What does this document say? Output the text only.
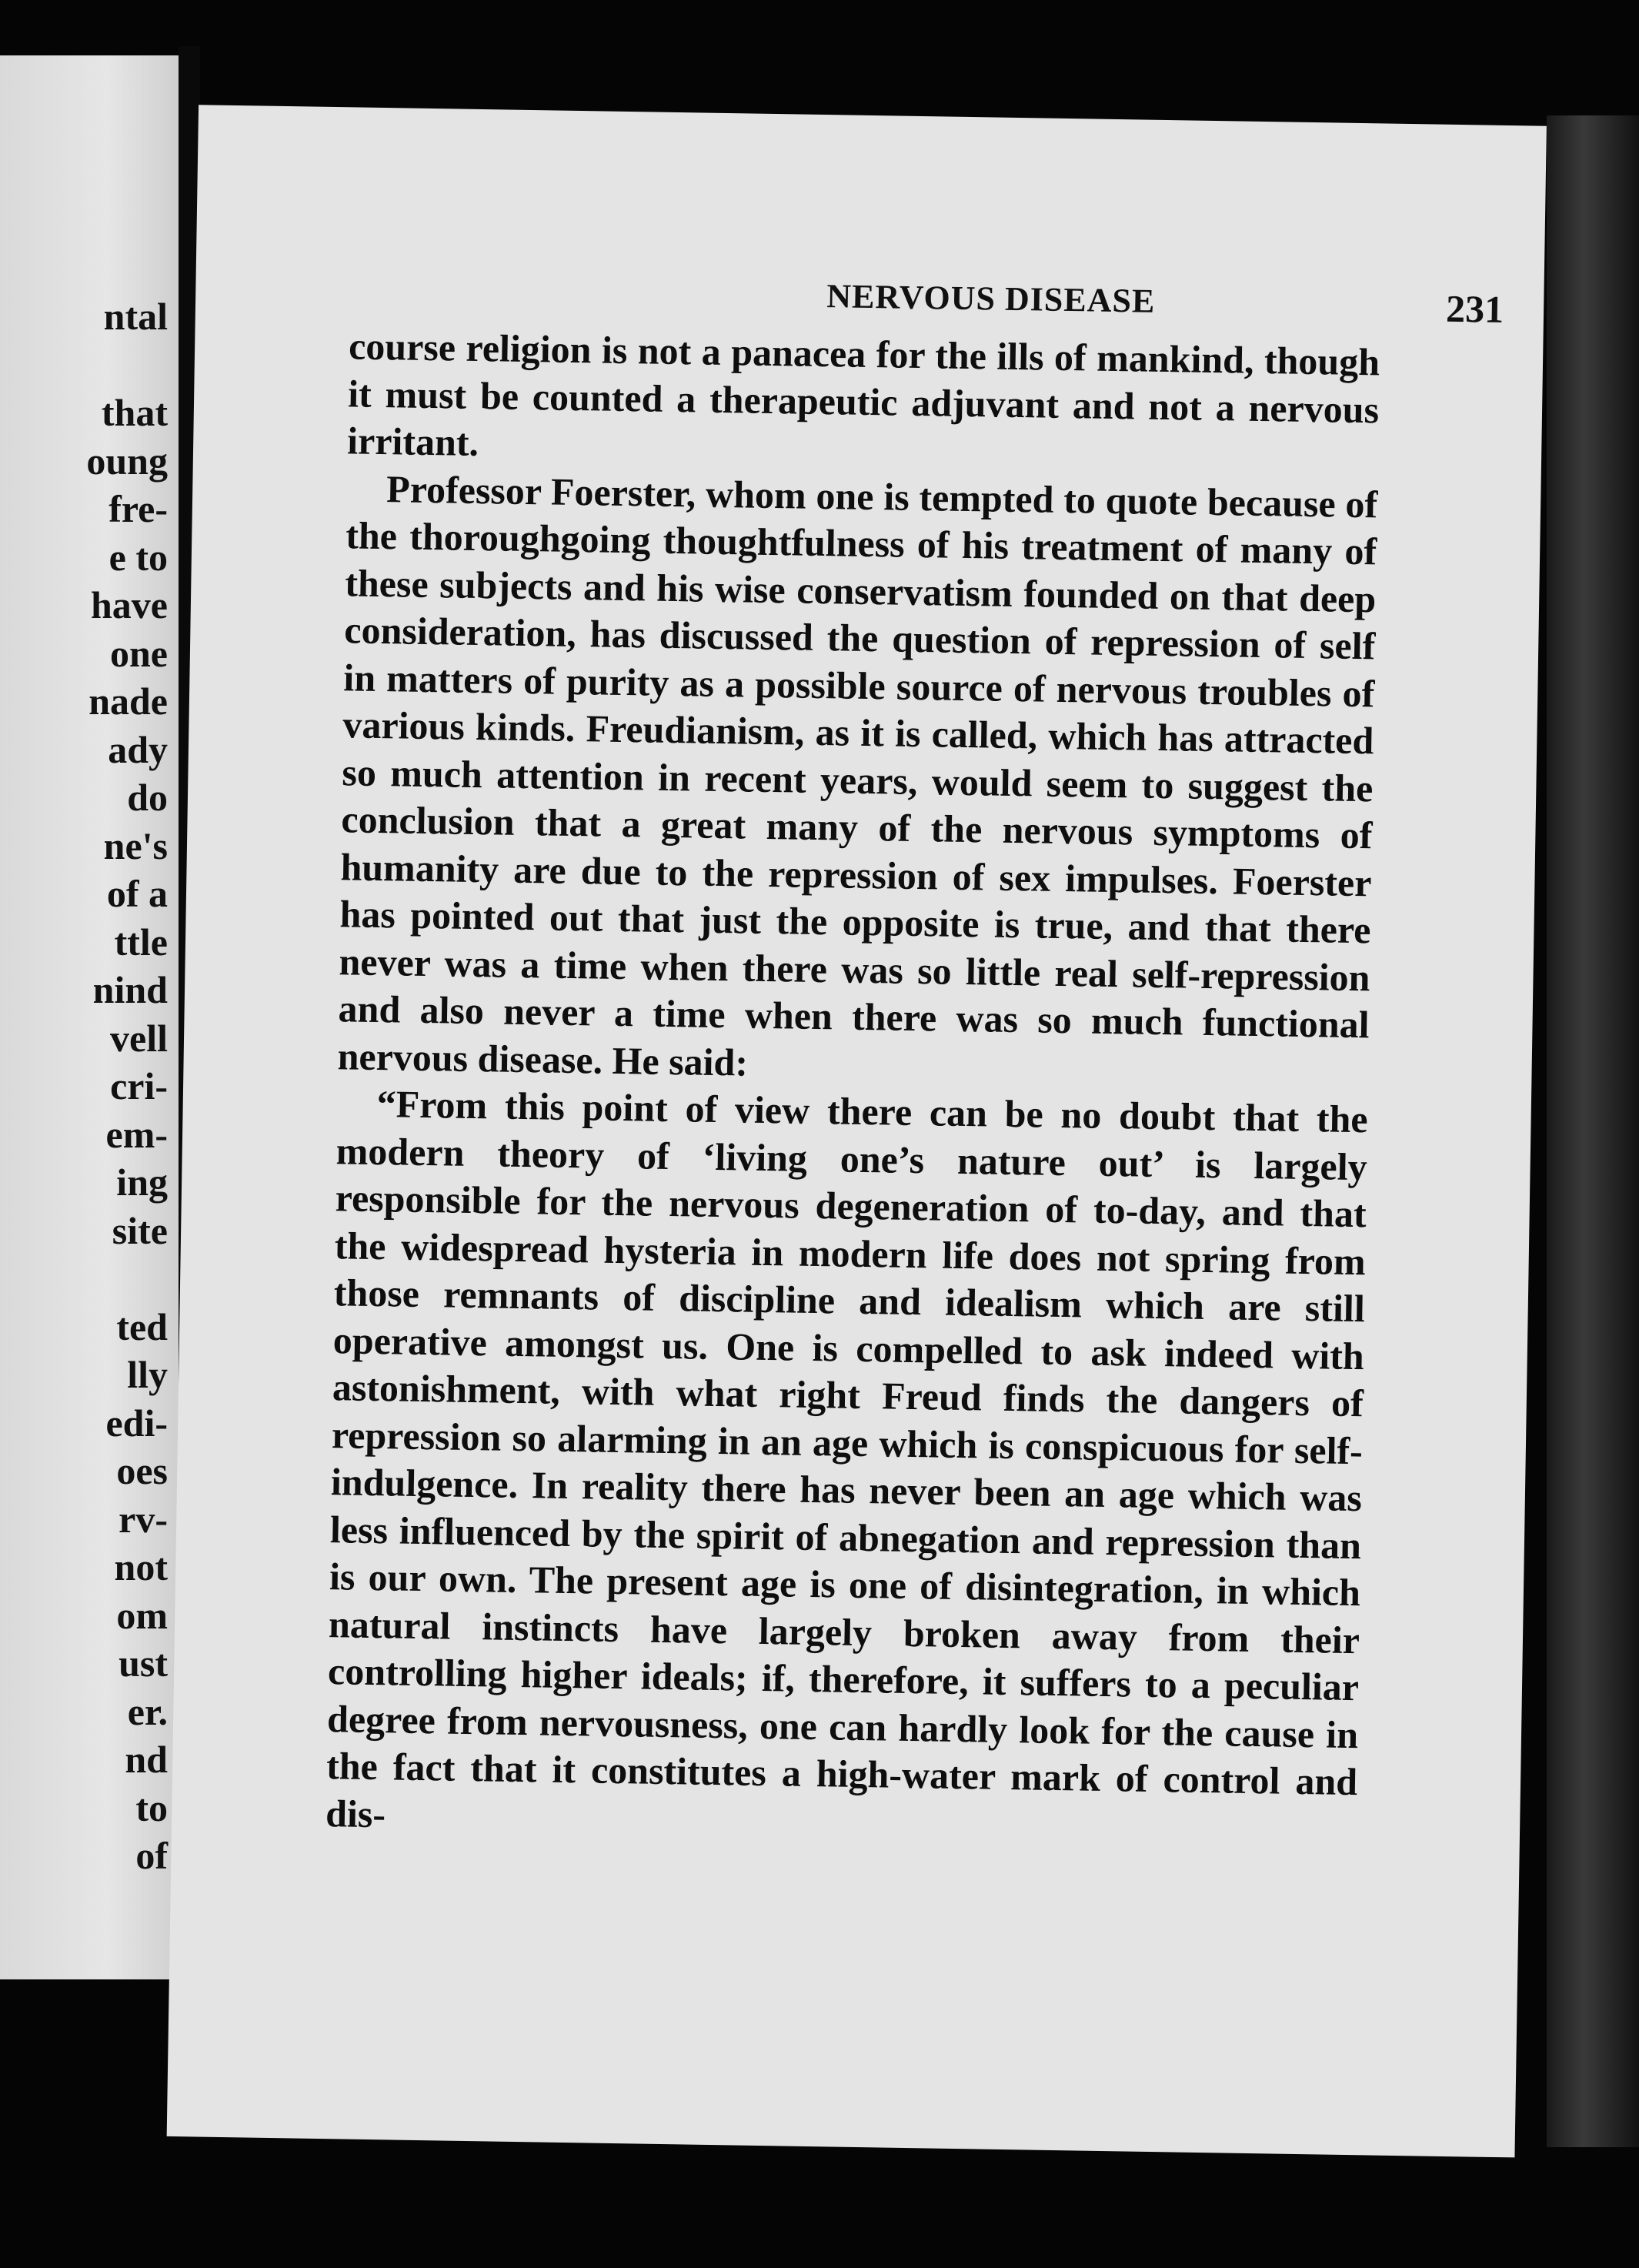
ntal
that
oung
fre-
e to
have
one
nade
ady
do
ne's
of a
ttle
nind
vell
cri-
em-
ing
site
ted
lly
edi-
oes
rv-
not
om
ust
er.
nd
to
of
NERVOUS DISEASE	231

course religion is not a panacea for the ills of mankind, though it must be counted a therapeutic adjuvant and not a nervous irritant.

Professor Foerster, whom one is tempted to quote because of the thoroughgoing thoughtfulness of his treatment of many of these subjects and his wise conservatism founded on that deep consideration, has discussed the question of repression of self in matters of purity as a possible source of nervous troubles of various kinds. Freudianism, as it is called, which has attracted so much attention in recent years, would seem to suggest the conclusion that a great many of the nervous symptoms of humanity are due to the repression of sex impulses. Foerster has pointed out that just the opposite is true, and that there never was a time when there was so little real self-repression and also never a time when there was so much functional nervous disease. He said:

“From this point of view there can be no doubt that the modern theory of ‘living one’s nature out’ is largely responsible for the nervous degeneration of to-day, and that the widespread hysteria in modern life does not spring from those remnants of discipline and idealism which are still operative amongst us. One is compelled to ask indeed with astonishment, with what right Freud finds the dangers of repression so alarming in an age which is conspicuous for self-indulgence. In reality there has never been an age which was less influenced by the spirit of abnegation and repression than is our own. The present age is one of disintegration, in which natural instincts have largely broken away from their controlling higher ideals; if, therefore, it suffers to a peculiar degree from nervousness, one can hardly look for the cause in the fact that it constitutes a high-water mark of control and dis-
